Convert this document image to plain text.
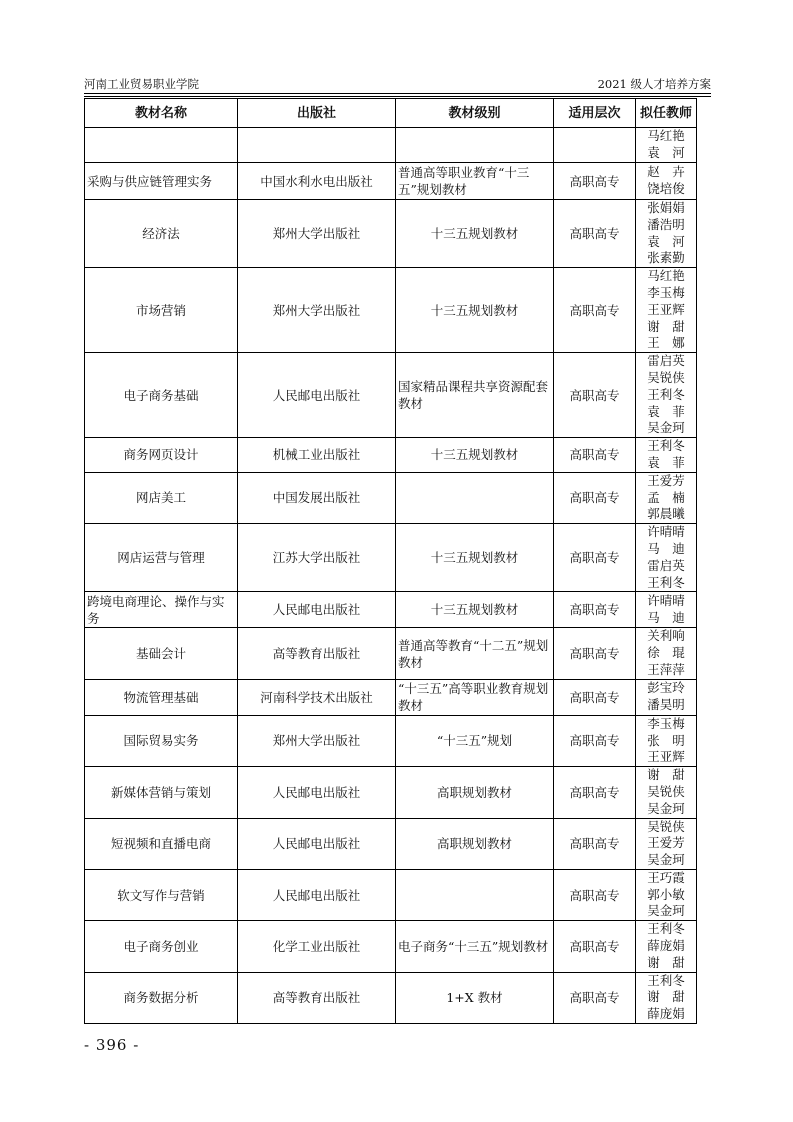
河南工业贸易职业学院	2021 级人才培养方案
教材名称	出版社	教材级别	适用层次	拟任教师
				马红艳
袁　河
采购与供应链管理实务	中国水利水电出版社	普通高等职业教育“十三五”规划教材	高职高专	赵　卉
饶培俊
经济法	郑州大学出版社	十三五规划教材	高职高专	张娟娟
潘浩明
袁　河
张素勤
市场营销	郑州大学出版社	十三五规划教材	高职高专	马红艳
李玉梅
王亚辉
谢　甜
王　娜
电子商务基础	人民邮电出版社	国家精品课程共享资源配套教材	高职高专	雷启英
吴锐侠
王利冬
袁　菲
吴金珂
商务网页设计	机械工业出版社	十三五规划教材	高职高专	王利冬
袁　菲
网店美工	中国发展出版社		高职高专	王爱芳
孟　楠
郭晨曦
网店运营与管理	江苏大学出版社	十三五规划教材	高职高专	许晴晴
马　迪
雷启英
王利冬
跨境电商理论、操作与实务	人民邮电出版社	十三五规划教材	高职高专	许晴晴
马　迪
基础会计	高等教育出版社	普通高等教育“十二五”规划教材	高职高专	关利响
徐　琨
王萍萍
物流管理基础	河南科学技术出版社	“十三五”高等职业教育规划教材	高职高专	彭宝玲
潘昊明
国际贸易实务	郑州大学出版社	“十三五”规划	高职高专	李玉梅
张　明
王亚辉
新媒体营销与策划	人民邮电出版社	高职规划教材	高职高专	谢　甜
吴锐侠
吴金珂
短视频和直播电商	人民邮电出版社	高职规划教材	高职高专	吴锐侠
王爱芳
吴金珂
软文写作与营销	人民邮电出版社		高职高专	王巧霞
郭小敏
吴金珂
电子商务创业	化学工业出版社	电子商务“十三五”规划教材	高职高专	王利冬
薛庞娟
谢　甜
商务数据分析	高等教育出版社	1+X 教材	高职高专	王利冬
谢　甜
薛庞娟
- 396 -
